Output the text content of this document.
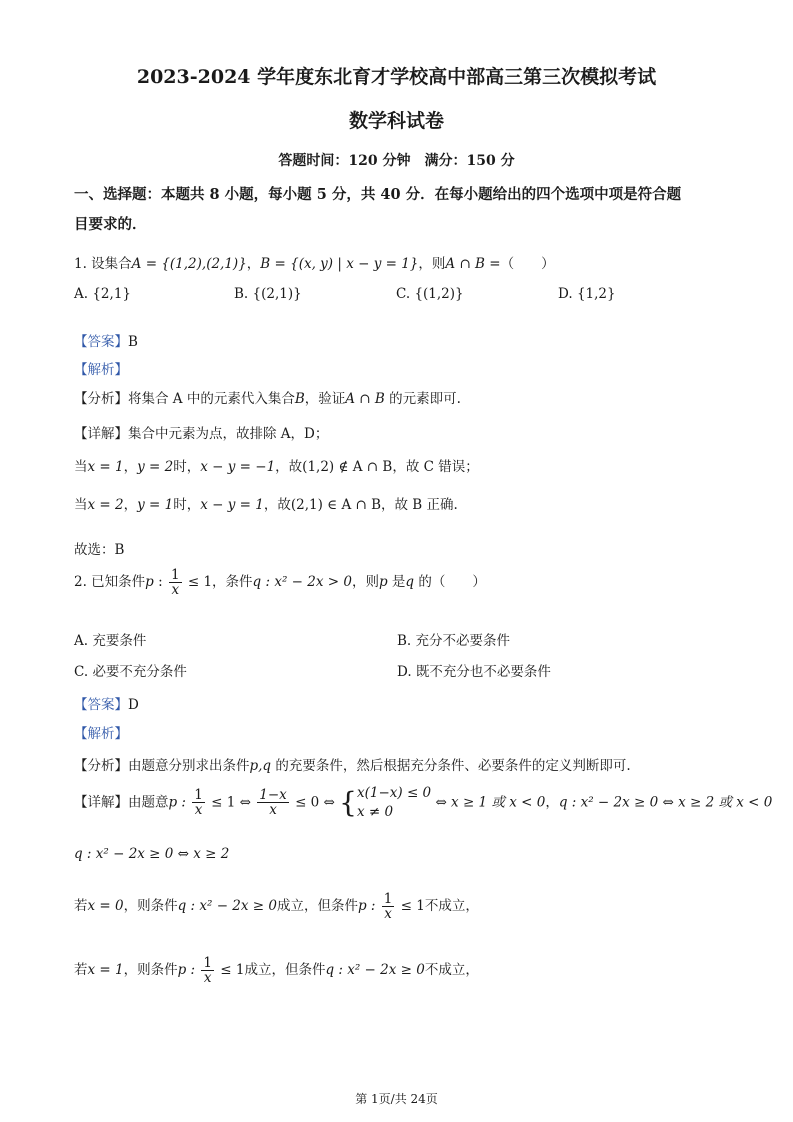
2023-2024 学年度东北育才学校高中部高三第三次模拟考试
数学科试卷
答题时间：120 分钟　满分：150 分
一、选择题：本题共 8 小题，每小题 5 分，共 40 分．在每小题给出的四个选项中项是符合题
目要求的．
1. 设集合A = {(1,2),(2,1)}，B = {(x, y) | x − y = 1}，则A ∩ B =（　　）
A. {2,1}	B. {(2,1)}	C. {(1,2)}	D. {1,2}
【答案】B
【解析】
【分析】将集合 A 中的元素代入集合B，验证A ∩ B 的元素即可.
【详解】集合中元素为点，故排除 A，D；
当x = 1，y = 2时，x − y = −1，故(1,2) ∉ A ∩ B，故 C 错误；
当x = 2，y = 1时，x − y = 1，故(2,1) ∈ A ∩ B，故 B 正确.
故选：B
2. 已知条件p : $\frac{1}{x} \le 1$，条件q : x² − 2x > 0，则p 是q 的（　　）
A. 充要条件	B. 充分不必要条件
C. 必要不充分条件	D. 既不充分也不必要条件
【答案】D
【解析】
【分析】由题意分别求出条件p,q 的充要条件，然后根据充分条件、必要条件的定义判断即可.
【详解】由题意p : $\frac{1}{x} \le 1$ ⇔ $\frac{1-x}{x} \le 0$ ⇔ { x(1−x) ≤ 0
x ≠ 0
⇔ x ≥ 1 或 x < 0，q : x² − 2x ≥ 0 ⇔ x ≥ 2 或 x < 0
q : x² − 2x ≥ 0 ⇔ x ≥ 2
若x = 0，则条件q : x² − 2x ≥ 0成立，但条件p : $\frac{1}{x} \le 1$不成立，
若x = 1，则条件p : $\frac{1}{x} \le 1$成立，但条件q : x² − 2x ≥ 0不成立，
第 1页/共 24页
